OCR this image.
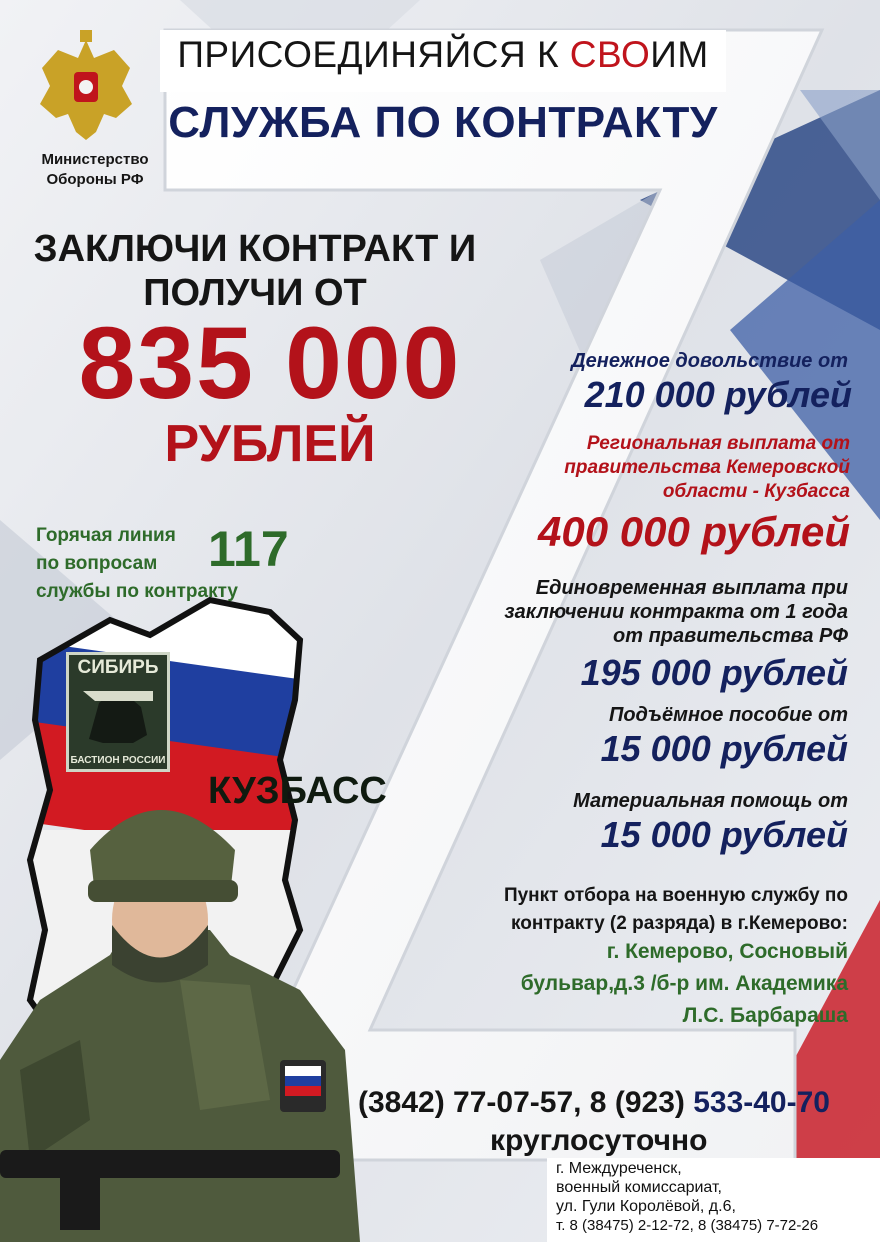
Министерство
Обороны РФ
ПРИСОЕДИНЯЙСЯ К СВОИМ
СЛУЖБА ПО КОНТРАКТУ
ЗАКЛЮЧИ КОНТРАКТ И
ПОЛУЧИ ОТ
835 000
РУБЛЕЙ
Горячая линия
по вопросам
службы по контракту
117
СИБИРЬ
БАСТИОН РОССИИ
КУЗБАСС
Денежное довольствие от
210 000 рублей
Региональная выплата от
правительства Кемеровской
области - Кузбасса
400 000 рублей
Единовременная выплата при
заключении контракта от 1 года
от правительства РФ
195 000 рублей
Подъёмное пособие от
15 000 рублей
Материальная помощь от
15 000 рублей
Пункт отбора на военную службу по
контракту (2 разряда) в г.Кемерово:
г. Кемерово, Сосновый
бульвар,д.3 /б-р им. Академика
Л.С. Барбараша
(3842) 77-07-57, 8 (923) 533-40-70
круглосуточно
г. Междуреченск,
военный комиссариат,
ул. Гули Королёвой, д.6,
т. 8 (38475) 2-12-72, 8 (38475) 7-72-26
